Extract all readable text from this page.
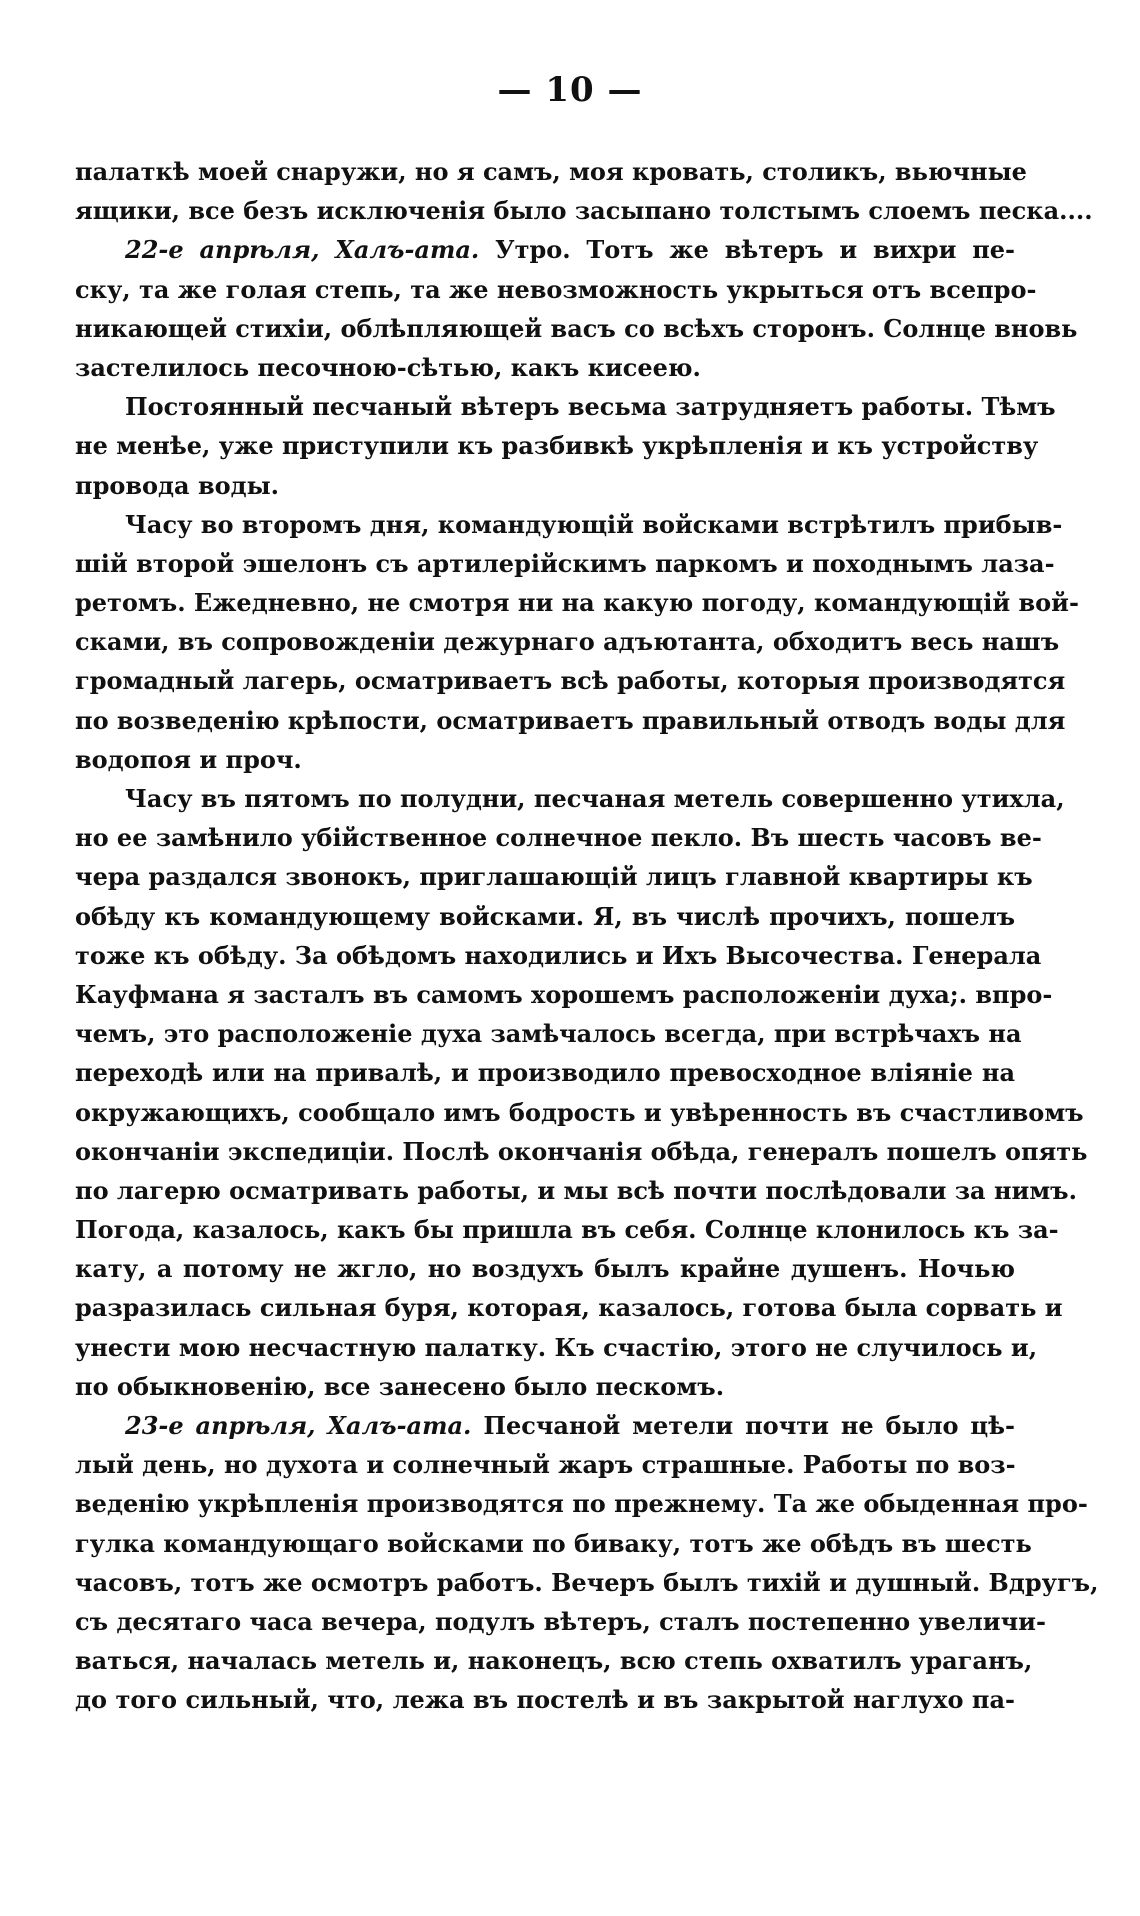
— 10 —
палаткѣ моей снаружи, но я самъ, моя кровать, столикъ, вьючные
ящики, все безъ исключенія было засыпано толстымъ слоемъ песка....
22-е апрѣля, Халъ-ата. Утро. Тотъ же вѣтеръ и вихри пе-
ску, та же голая степь, та же невозможность укрыться отъ всепро-
никающей стихіи, облѣпляющей васъ со всѣхъ сторонъ. Солнце вновь
застелилось песочною-сѣтью, какъ кисеею.
Постоянный песчаный вѣтеръ весьма затрудняетъ работы. Тѣмъ
не менѣе, уже приступили къ разбивкѣ укрѣпленія и къ устройству
провода воды.
Часу во второмъ дня, командующій войсками встрѣтилъ прибыв-
шій второй эшелонъ съ артилерійскимъ паркомъ и походнымъ лаза-
ретомъ. Ежедневно, не смотря ни на какую погоду, командующій вой-
сками, въ сопровожденіи дежурнаго адъютанта, обходитъ весь нашъ
громадный лагерь, осматриваетъ всѣ работы, которыя производятся
по возведенію крѣпости, осматриваетъ правильный отводъ воды для
водопоя и проч.
Часу въ пятомъ по полудни, песчаная метель совершенно утихла,
но ее замѣнило убійственное солнечное пекло. Въ шесть часовъ ве-
чера раздался звонокъ, приглашающій лицъ главной квартиры къ
обѣду къ командующему войсками. Я, въ числѣ прочихъ, пошелъ
тоже къ обѣду. За обѣдомъ находились и Ихъ Высочества. Генерала
Кауфмана я засталъ въ самомъ хорошемъ расположеніи духа;. впро-
чемъ, это расположеніе духа замѣчалось всегда, при встрѣчахъ на
переходѣ или на привалѣ, и производило превосходное вліяніе на
окружающихъ, сообщало имъ бодрость и увѣренность въ счастливомъ
окончаніи экспедиціи. Послѣ окончанія обѣда, генералъ пошелъ опять
по лагерю осматривать работы, и мы всѣ почти послѣдовали за нимъ.
Погода, казалось, какъ бы пришла въ себя. Солнце клонилось къ за-
кату, а потому не жгло, но воздухъ былъ крайне душенъ. Ночью
разразилась сильная буря, которая, казалось, готова была сорвать и
унести мою несчастную палатку. Къ счастію, этого не случилось и,
по обыкновенію, все занесено было пескомъ.
23-е апрѣля, Халъ-ата. Песчаной метели почти не было цѣ-
лый день, но духота и солнечный жаръ страшные. Работы по воз-
веденію укрѣпленія производятся по прежнему. Та же обыденная про-
гулка командующаго войсками по бивaку, тотъ же обѣдъ въ шесть
часовъ, тотъ же осмотръ работъ. Вечеръ былъ тихій и душный. Вдругъ,
съ десятаго часа вечера, подулъ вѣтеръ, сталъ постепенно увеличи-
ваться, началась метель и, наконецъ, всю степь охватилъ ураганъ,
до того сильный, что, лежа въ постелѣ и въ закрытой наглухо па-
